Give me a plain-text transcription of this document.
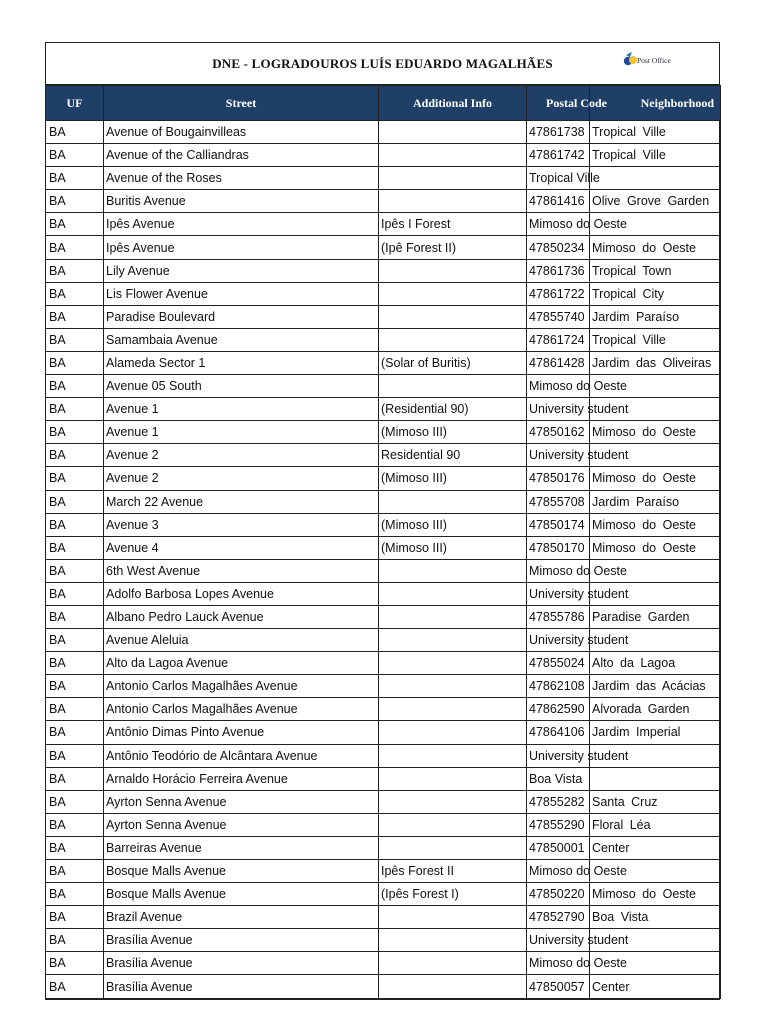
DNE - LOGRADOUROS LUÍS EDUARDO MAGALHÃES	Post Office
UF	Street	Additional Info	Postal Code	Neighborhood
BA	Avenue of Bougainvilleas		47861738	Tropical Ville
BA	Avenue of the Calliandras		47861742	Tropical Ville
BA	Avenue of the Roses		Tropical Ville	
BA	Buritis Avenue		47861416	Olive Grove Garden
BA	Ipês Avenue	Ipês I Forest	Mimoso do Oeste	
BA	Ipês Avenue	(Ipê Forest II)	47850234	Mimoso do Oeste
BA	Lily Avenue		47861736	Tropical Town
BA	Lis Flower Avenue		47861722	Tropical City
BA	Paradise Boulevard		47855740	Jardim Paraíso
BA	Samambaia Avenue		47861724	Tropical Ville
BA	Alameda Sector 1	(Solar of Buritis)	47861428	Jardim das Oliveiras
BA	Avenue 05 South		Mimoso do Oeste	
BA	Avenue 1	(Residential 90)	University student	
BA	Avenue 1	(Mimoso III)	47850162	Mimoso do Oeste
BA	Avenue 2	Residential 90	University student	
BA	Avenue 2	(Mimoso III)	47850176	Mimoso do Oeste
BA	March 22 Avenue		47855708	Jardim Paraíso
BA	Avenue 3	(Mimoso III)	47850174	Mimoso do Oeste
BA	Avenue 4	(Mimoso III)	47850170	Mimoso do Oeste
BA	6th West Avenue		Mimoso do Oeste	
BA	Adolfo Barbosa Lopes Avenue		University student	
BA	Albano Pedro Lauck Avenue		47855786	Paradise Garden
BA	Avenue Aleluia		University student	
BA	Alto da Lagoa Avenue		47855024	Alto da Lagoa
BA	Antonio Carlos Magalhães Avenue		47862108	Jardim das Acácias
BA	Antonio Carlos Magalhães Avenue		47862590	Alvorada Garden
BA	Antônio Dimas Pinto Avenue		47864106	Jardim Imperial
BA	Antônio Teodório de Alcântara Avenue		University student	
BA	Arnaldo Horácio Ferreira Avenue		Boa Vista	
BA	Ayrton Senna Avenue		47855282	Santa Cruz
BA	Ayrton Senna Avenue		47855290	Floral Léa
BA	Barreiras Avenue		47850001	Center
BA	Bosque Malls Avenue	Ipês Forest II	Mimoso do Oeste	
BA	Bosque Malls Avenue	(Ipês Forest I)	47850220	Mimoso do Oeste
BA	Brazil Avenue		47852790	Boa Vista
BA	Brasília Avenue		University student	
BA	Brasília Avenue		Mimoso do Oeste	
BA	Brasília Avenue		47850057	Center
